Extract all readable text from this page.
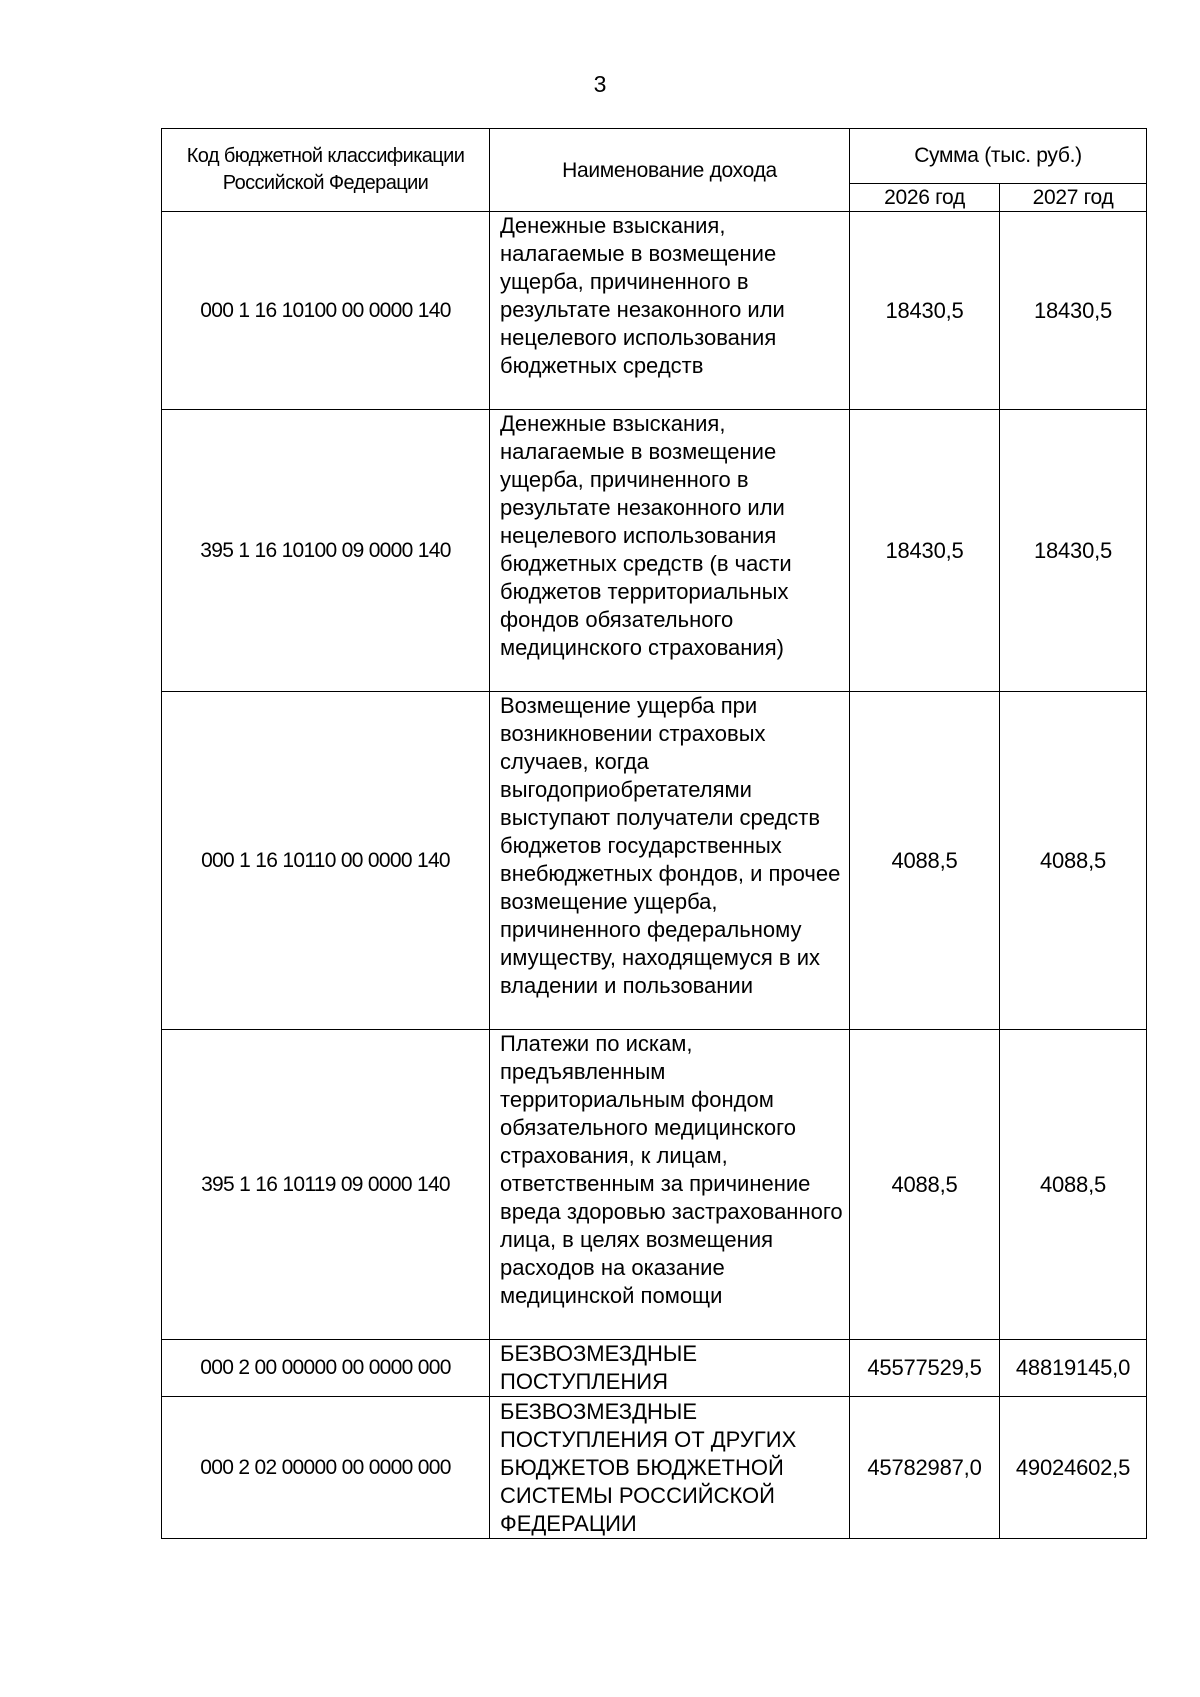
3
Код бюджетной классификации Российской Федерации	Наименование дохода	Сумма (тыс. руб.)	
		2026 год	2027 год
000 1 16 10100 00 0000 140	Денежные взыскания, налагаемые в возмещение ущерба, причиненного в результате незаконного или нецелевого использования бюджетных средств	18430,5	18430,5
395 1 16 10100 09 0000 140	Денежные взыскания, налагаемые в возмещение ущерба, причиненного в результате незаконного или нецелевого использования бюджетных средств (в части бюджетов территориальных фондов обязательного медицинского страхования)	18430,5	18430,5
000 1 16 10110 00 0000 140	Возмещение ущерба при возникновении страховых случаев, когда выгодоприобретателями выступают получатели средств бюджетов государственных внебюджетных фондов, и прочее возмещение ущерба, причиненного федеральному имуществу, находящемуся в их владении и пользовании	4088,5	4088,5
395 1 16 10119 09 0000 140	Платежи по искам, предъявленным территориальным фондом обязательного медицинского страхования, к лицам, ответственным за причинение вреда здоровью застрахованного лица, в целях возмещения расходов на оказание медицинской помощи	4088,5	4088,5
000 2 00 00000 00 0000 000	БЕЗВОЗМЕЗДНЫЕ ПОСТУПЛЕНИЯ	45577529,5	48819145,0
000 2 02 00000 00 0000 000	БЕЗВОЗМЕЗДНЫЕ ПОСТУПЛЕНИЯ ОТ ДРУГИХ БЮДЖЕТОВ БЮДЖЕТНОЙ СИСТЕМЫ РОССИЙСКОЙ ФЕДЕРАЦИИ	45782987,0	49024602,5
